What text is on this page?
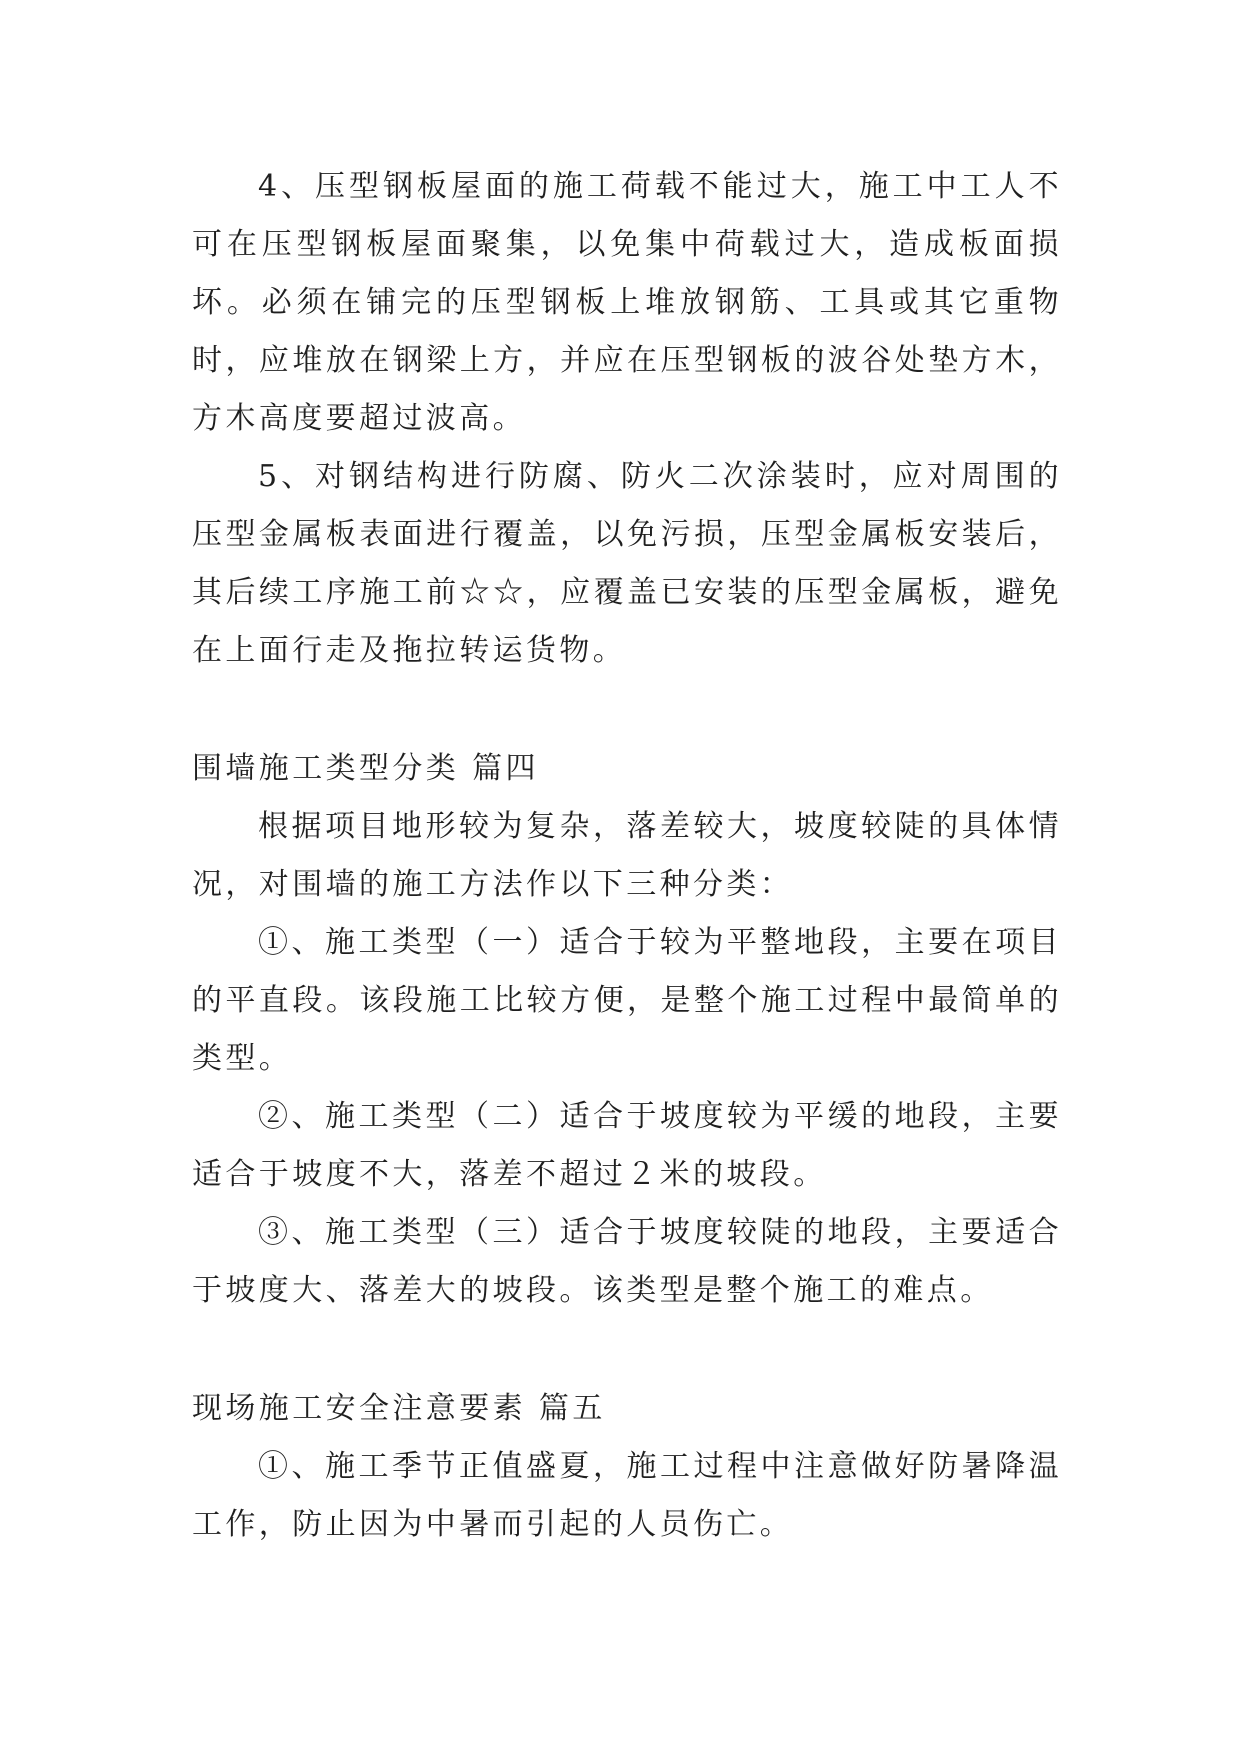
4、压型钢板屋面的施工荷载不能过大，施工中工人不可在压型钢板屋面聚集，以免集中荷载过大，造成板面损坏。必须在铺完的压型钢板上堆放钢筋、工具或其它重物时，应堆放在钢梁上方，并应在压型钢板的波谷处垫方木，方木高度要超过波高。

5、对钢结构进行防腐、防火二次涂装时，应对周围的压型金属板表面进行覆盖，以免污损，压型金属板安装后，其后续工序施工前☆☆，应覆盖已安装的压型金属板，避免在上面行走及拖拉转运货物。

围墙施工类型分类 篇四

根据项目地形较为复杂，落差较大，坡度较陡的具体情况，对围墙的施工方法作以下三种分类：

①、施工类型（一）适合于较为平整地段，主要在项目的平直段。该段施工比较方便，是整个施工过程中最简单的类型。

②、施工类型（二）适合于坡度较为平缓的地段，主要适合于坡度不大，落差不超过２米的坡段。

③、施工类型（三）适合于坡度较陡的地段，主要适合于坡度大、落差大的坡段。该类型是整个施工的难点。

现场施工安全注意要素 篇五

①、施工季节正值盛夏，施工过程中注意做好防暑降温工作，防止因为中暑而引起的人员伤亡。
